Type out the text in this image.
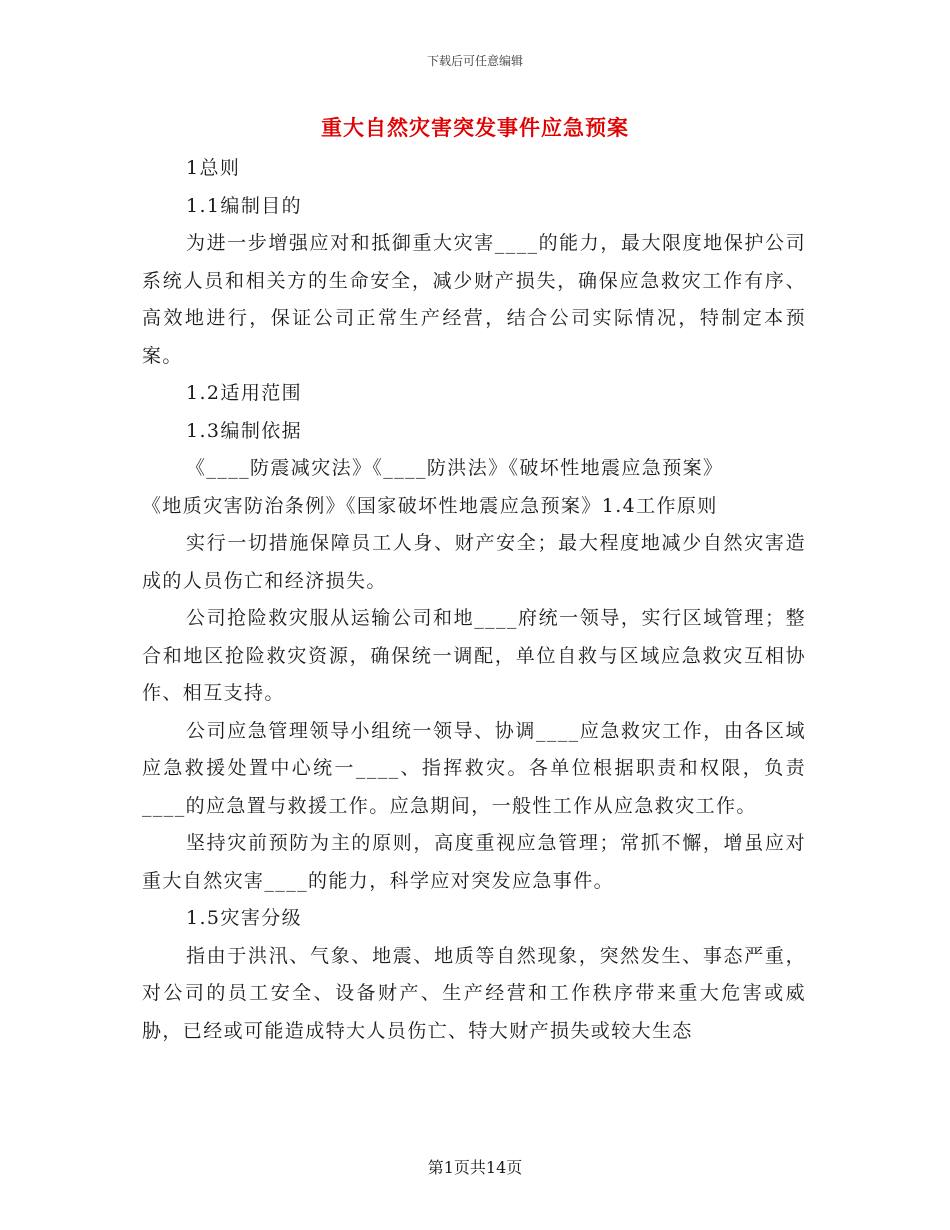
下载后可任意编辑
重大自然灾害突发事件应急预案

1总则

1.1编制目的

为进一步增强应对和抵御重大灾害____的能力，最大限度地保护公司系统人员和相关方的生命安全，减少财产损失，确保应急救灾工作有序、高效地进行，保证公司正常生产经营，结合公司实际情况，特制定本预案。

1.2适用范围

1.3编制依据

《____防震减灾法》《____防洪法》《破坏性地震应急预案》

《地质灾害防治条例》《国家破坏性地震应急预案》1.4工作原则

实行一切措施保障员工人身、财产安全；最大程度地减少自然灾害造成的人员伤亡和经济损失。

公司抢险救灾服从运输公司和地____府统一领导，实行区域管理；整合和地区抢险救灾资源，确保统一调配，单位自救与区域应急救灾互相协作、相互支持。

公司应急管理领导小组统一领导、协调____应急救灾工作，由各区域应急救援处置中心统一____、指挥救灾。各单位根据职责和权限，负责____的应急置与救援工作。应急期间，一般性工作从应急救灾工作。

坚持灾前预防为主的原则，高度重视应急管理；常抓不懈，增虽应对重大自然灾害____的能力，科学应对突发应急事件。

1.5灾害分级

指由于洪汛、气象、地震、地质等自然现象，突然发生、事态严重，对公司的员工安全、设备财产、生产经营和工作秩序带来重大危害或威胁，已经或可能造成特大人员伤亡、特大财产损失或较大生态

第1页共14页
